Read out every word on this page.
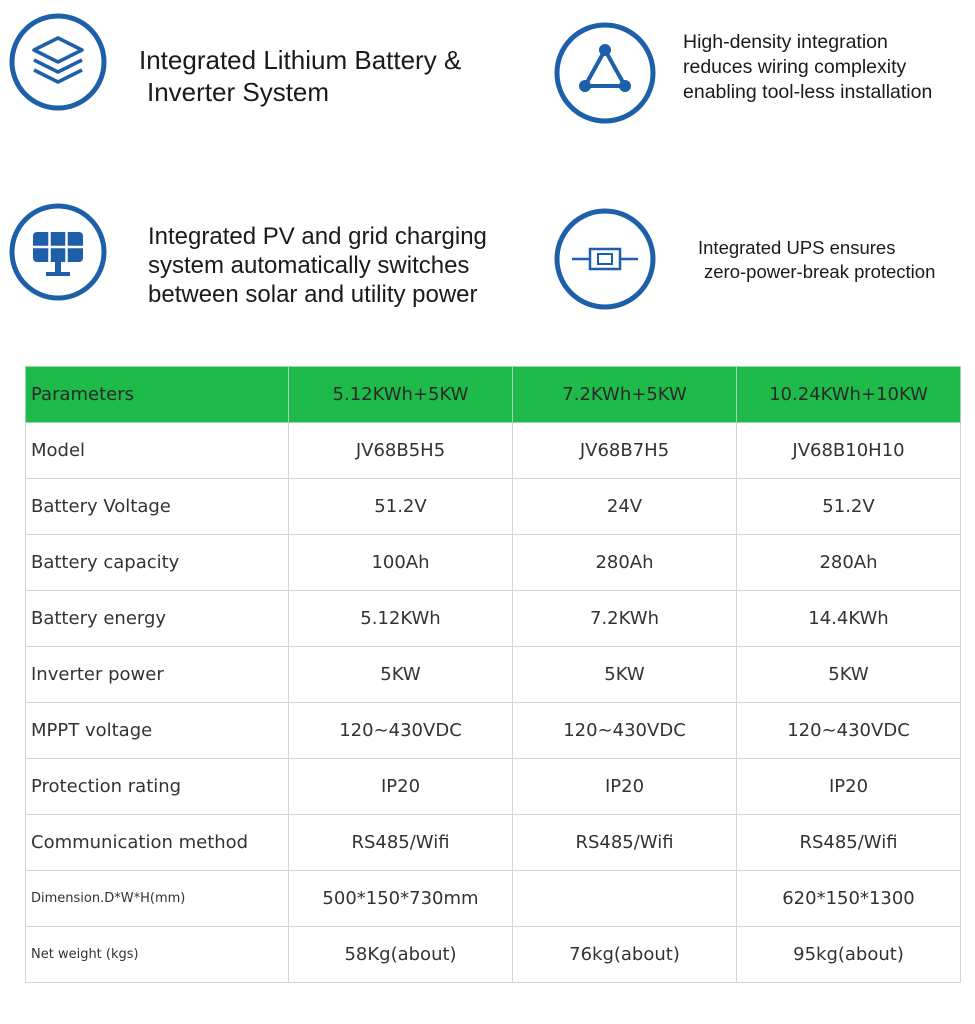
Integrated Lithium Battery &
Inverter System
High-density integration
reduces wiring complexity
enabling tool-less installation
Integrated PV and grid charging
system automatically switches
between solar and utility power
Integrated UPS ensures
zero-power-break protection
Parameters	5.12KWh+5KW	7.2KWh+5KW	10.24KWh+10KW
Model	JV68B5H5	JV68B7H5	JV68B10H10
Battery Voltage	51.2V	24V	51.2V
Battery capacity	100Ah	280Ah	280Ah
Battery energy	5.12KWh	7.2KWh	14.4KWh
Inverter power	5KW	5KW	5KW
MPPT voltage	120~430VDC	120~430VDC	120~430VDC
Protection rating	IP20	IP20	IP20
Communication method	RS485/Wifi	RS485/Wifi	RS485/Wifi
Dimension.D*W*H(mm)	500*150*730mm		620*150*1300
Net weight (kgs)	58Kg(about)	76kg(about)	95kg(about)
